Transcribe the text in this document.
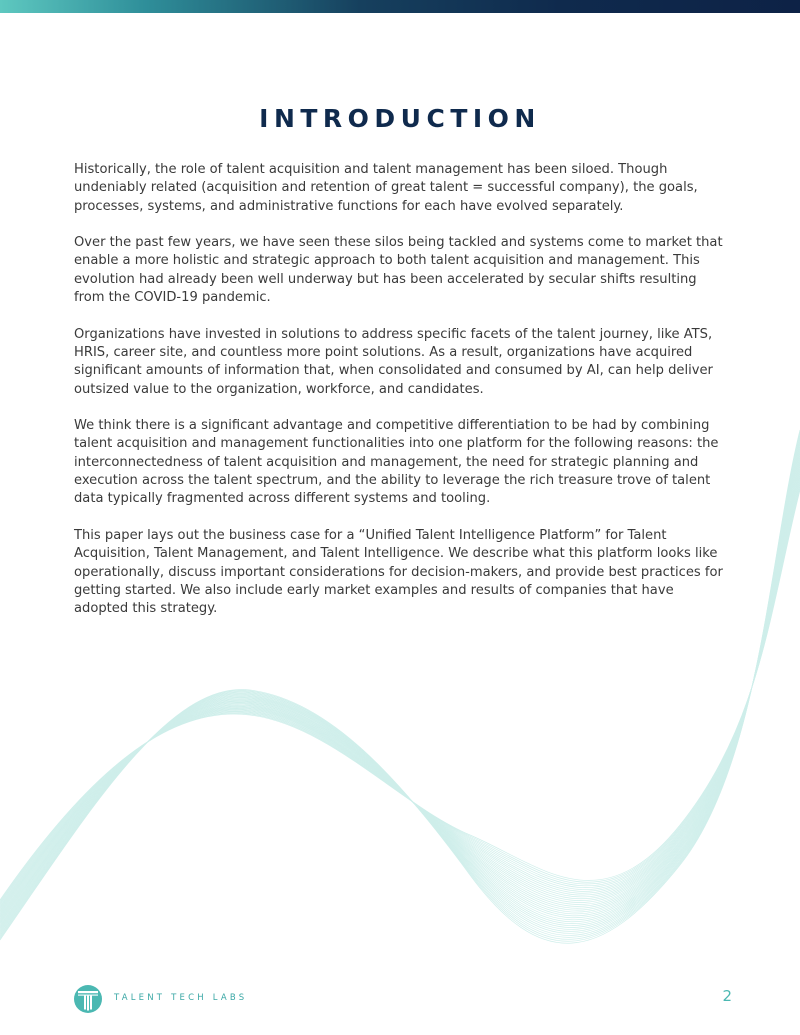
INTRODUCTION

Historically, the role of talent acquisition and talent management has been siloed. Though undeniably related (acquisition and retention of great talent = successful company), the goals, processes, systems, and administrative functions for each have evolved separately.

Over the past few years, we have seen these silos being tackled and systems come to market that enable a more holistic and strategic approach to both talent acquisition and management. This evolution had already been well underway but has been accelerated by secular shifts resulting from the COVID-19 pandemic.

Organizations have invested in solutions to address specific facets of the talent journey, like ATS, HRIS, career site, and countless more point solutions. As a result, organizations have acquired significant amounts of information that, when consolidated and consumed by AI, can help deliver outsized value to the organization, workforce, and candidates.

We think there is a significant advantage and competitive differentiation to be had by combining talent acquisition and management functionalities into one platform for the following reasons: the interconnectedness of talent acquisition and management, the need for strategic planning and execution across the talent spectrum, and the ability to leverage the rich treasure trove of talent data typically fragmented across different systems and tooling.

This paper lays out the business case for a “Unified Talent Intelligence Platform” for Talent Acquisition, Talent Management, and Talent Intelligence. We describe what this platform looks like operationally, discuss important considerations for decision-makers, and provide best practices for getting started. We also include early market examples and results of companies that have adopted this strategy.

TALENT TECH LABS	2
